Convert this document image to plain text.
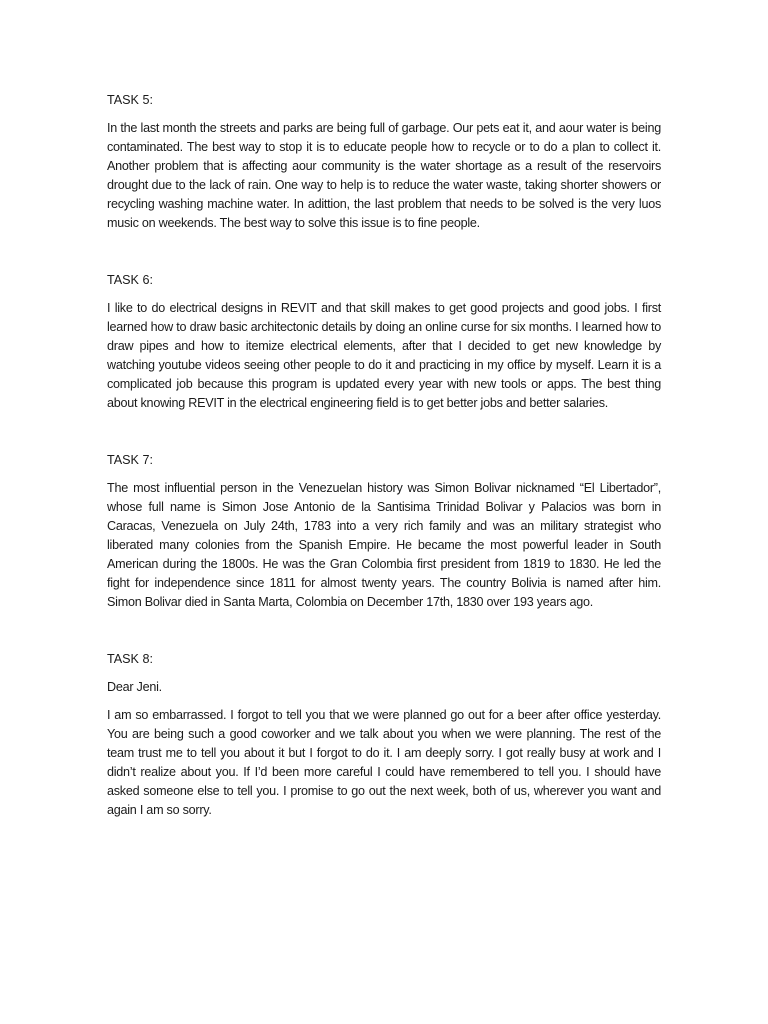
TASK 5:

In the last month the streets and parks are being full of garbage. Our pets eat it, and aour water is being contaminated. The best way to stop it is to educate people how to recycle or to do a plan to collect it. Another problem that is affecting aour community is the water shortage as a result of the reservoirs drought due to the lack of rain. One way to help is to reduce the water waste, taking shorter showers or recycling washing machine water. In adittion, the last problem that needs to be solved is the very luos music on weekends. The best way to solve this issue is to fine people.

TASK 6:

I like to do electrical designs in REVIT and that skill makes to get good projects and good jobs. I first learned how to draw basic architectonic details by doing an online curse for six months. I learned how to draw pipes and how to itemize electrical elements, after that I decided to get new knowledge by watching youtube videos seeing other people to do it and practicing in my office by myself. Learn it is a complicated job because this program is updated every year with new tools or apps. The best thing about knowing REVIT in the electrical engineering field is to get better jobs and better salaries.

TASK 7:

The most influential person in the Venezuelan history was Simon Bolivar nicknamed “El Libertador”, whose full name is Simon Jose Antonio de la Santisima Trinidad Bolivar y Palacios was born in Caracas, Venezuela on July 24th, 1783 into a very rich family and was an military strategist who liberated many colonies from the Spanish Empire. He became the most powerful leader in South American during the 1800s. He was the Gran Colombia first president from 1819 to 1830. He led the fight for independence since 1811 for almost twenty years. The country Bolivia is named after him. Simon Bolivar died in Santa Marta, Colombia on December 17th, 1830 over 193 years ago.

TASK 8:

Dear Jeni.

I am so embarrassed. I forgot to tell you that we were planned go out for a beer after office yesterday. You are being such a good coworker and we talk about you when we were planning. The rest of the team trust me to tell you about it but I forgot to do it. I am deeply sorry. I got really busy at work and I didn’t realize about you. If I’d been more careful I could have remembered to tell you. I should have asked someone else to tell you. I promise to go out the next week, both of us, wherever you want and again I am so sorry.
